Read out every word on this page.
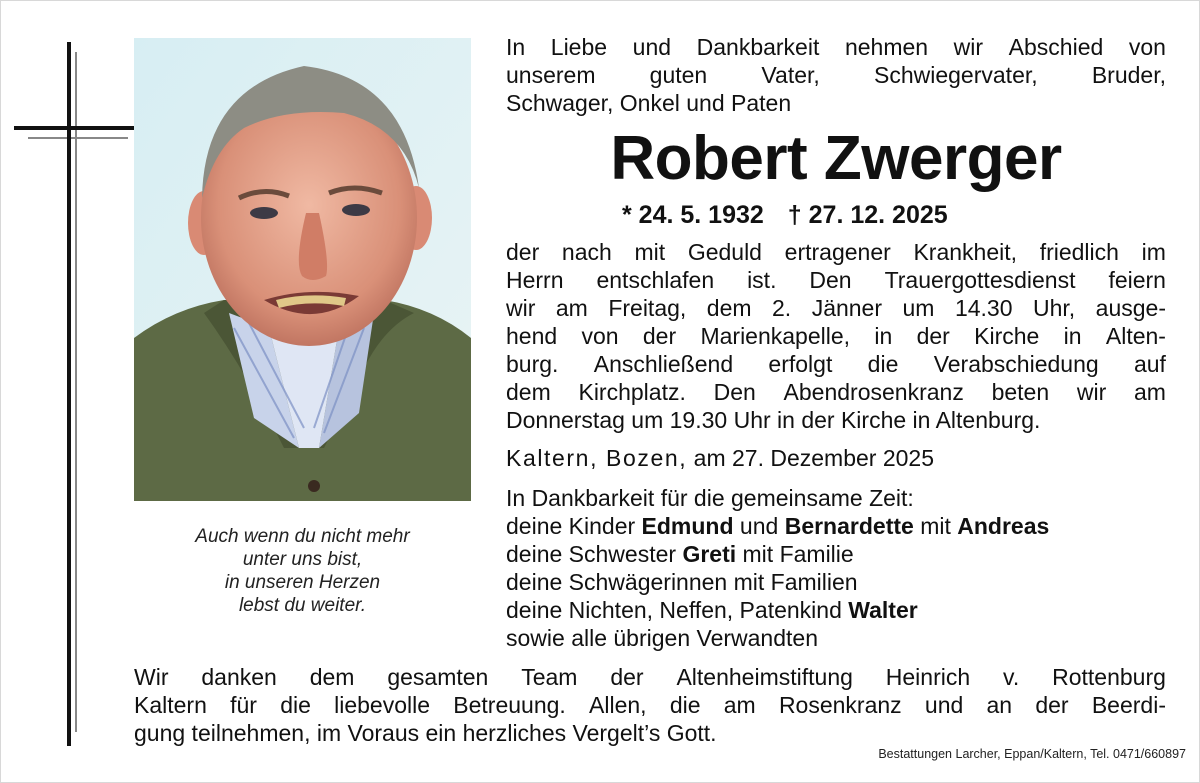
Auch wenn du nicht mehr
unter uns bist,
in unseren Herzen
lebst du weiter.
In Liebe und Dankbarkeit nehmen wir Abschied von
unserem guten Vater, Schwiegervater, Bruder,
Schwager, Onkel und Paten
Robert Zwerger
* 24. 5. 1932 † 27. 12. 2025
der nach mit Geduld ertragener Krankheit, friedlich im
Herrn entschlafen ist. Den Trauergottesdienst feiern
wir am Freitag, dem 2. Jänner um 14.30 Uhr, ausge-
hend von der Marienkapelle, in der Kirche in Alten-
burg. Anschließend erfolgt die Verabschiedung auf
dem Kirchplatz. Den Abendrosenkranz beten wir am
Donnerstag um 19.30 Uhr in der Kirche in Altenburg.
Kaltern, Bozen, am 27. Dezember 2025
In Dankbarkeit für die gemeinsame Zeit:
deine Kinder Edmund und Bernardette mit Andreas
deine Schwester Greti mit Familie
deine Schwägerinnen mit Familien
deine Nichten, Neffen, Patenkind Walter
sowie alle übrigen Verwandten
Wir danken dem gesamten Team der Altenheimstiftung Heinrich v. Rottenburg
Kaltern für die liebevolle Betreuung. Allen, die am Rosenkranz und an der Beerdi-
gung teilnehmen, im Voraus ein herzliches Vergelt’s Gott.
Bestattungen Larcher, Eppan/Kaltern, Tel. 0471/660897
